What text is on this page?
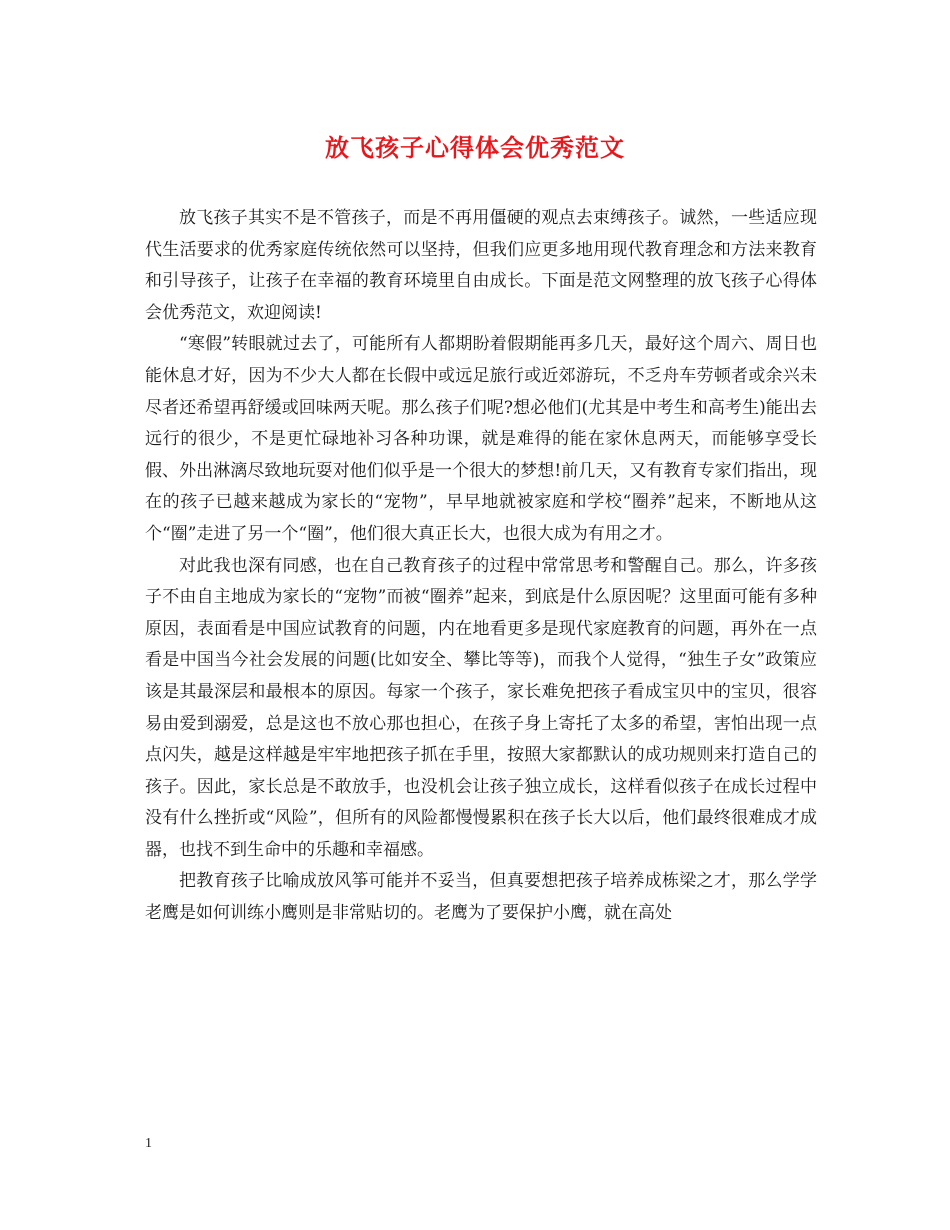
放飞孩子心得体会优秀范文

放飞孩子其实不是不管孩子，而是不再用僵硬的观点去束缚孩子。诚然，一些适应现代生活要求的优秀家庭传统依然可以坚持，但我们应更多地用现代教育理念和方法来教育和引导孩子，让孩子在幸福的教育环境里自由成长。下面是范文网整理的放飞孩子心得体会优秀范文，欢迎阅读!

“寒假”转眼就过去了，可能所有人都期盼着假期能再多几天，最好这个周六、周日也能休息才好，因为不少大人都在长假中或远足旅行或近郊游玩，不乏舟车劳顿者或余兴未尽者还希望再舒缓或回味两天呢。那么孩子们呢?想必他们(尤其是中考生和高考生)能出去远行的很少，不是更忙碌地补习各种功课，就是难得的能在家休息两天，而能够享受长假、外出淋漓尽致地玩耍对他们似乎是一个很大的梦想!前几天，又有教育专家们指出，现在的孩子已越来越成为家长的“宠物”，早早地就被家庭和学校“圈养”起来，不断地从这个“圈”走进了另一个“圈”，他们很大真正长大，也很大成为有用之才。

对此我也深有同感，也在自己教育孩子的过程中常常思考和警醒自己。那么，许多孩子不由自主地成为家长的“宠物”而被“圈养”起来，到底是什么原因呢？这里面可能有多种原因，表面看是中国应试教育的问题，内在地看更多是现代家庭教育的问题，再外在一点看是中国当今社会发展的问题(比如安全、攀比等等)，而我个人觉得，“独生子女”政策应该是其最深层和最根本的原因。每家一个孩子，家长难免把孩子看成宝贝中的宝贝，很容易由爱到溺爱，总是这也不放心那也担心，在孩子身上寄托了太多的希望，害怕出现一点点闪失，越是这样越是牢牢地把孩子抓在手里，按照大家都默认的成功规则来打造自己的孩子。因此，家长总是不敢放手，也没机会让孩子独立成长，这样看似孩子在成长过程中没有什么挫折或“风险”，但所有的风险都慢慢累积在孩子长大以后，他们最终很难成才成器，也找不到生命中的乐趣和幸福感。

把教育孩子比喻成放风筝可能并不妥当，但真要想把孩子培养成栋梁之才，那么学学老鹰是如何训练小鹰则是非常贴切的。老鹰为了要保护小鹰，就在高处

1
